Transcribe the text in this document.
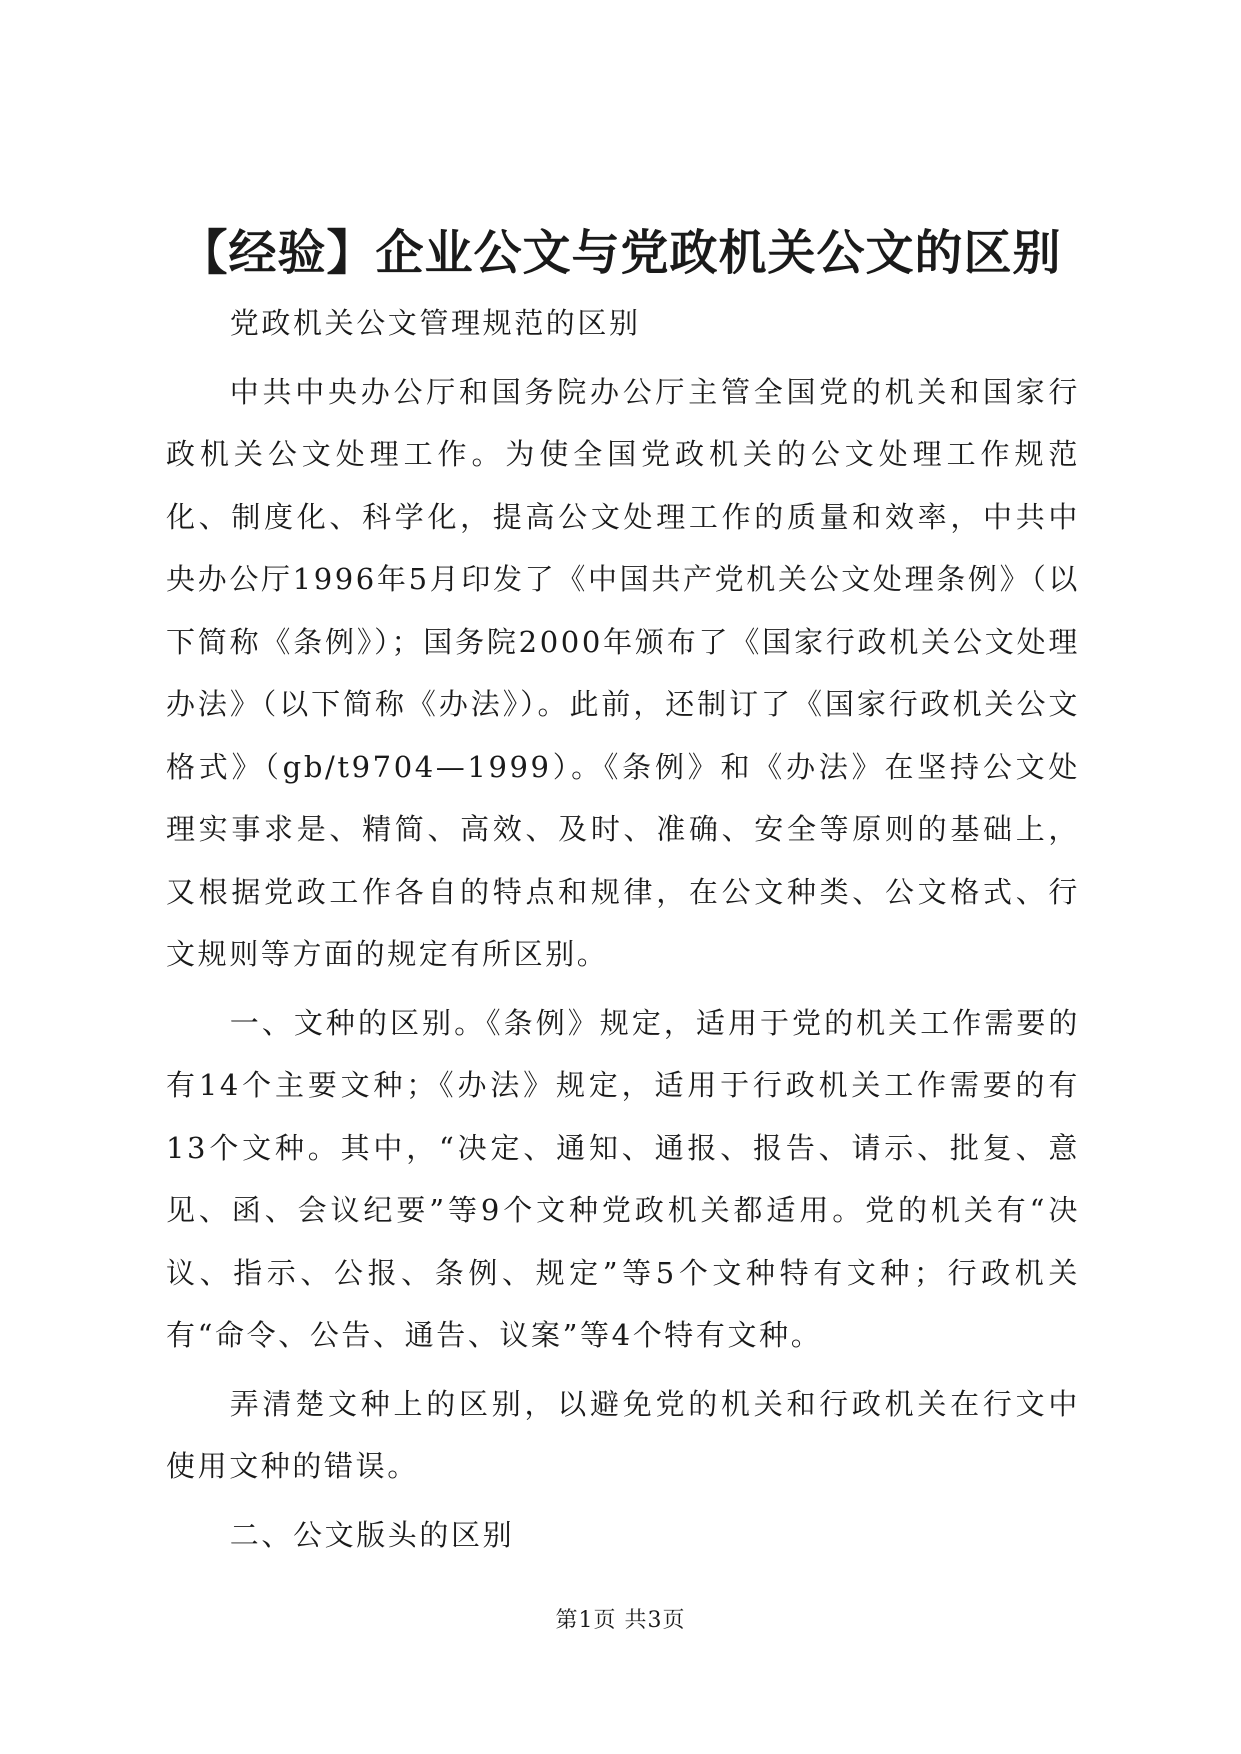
【经验】企业公文与党政机关公文的区别

党政机关公文管理规范的区别

中共中央办公厅和国务院办公厅主管全国党的机关和国家行政机关公文处理工作。为使全国党政机关的公文处理工作规范化、制度化、科学化，提高公文处理工作的质量和效率，中共中央办公厅1996年5月印发了《中国共产党机关公文处理条例》（以下简称《条例》）；国务院2000年颁布了《国家行政机关公文处理办法》（以下简称《办法》）。此前，还制订了《国家行政机关公文格式》（gb/t9704—1999）。《条例》和《办法》在坚持公文处理实事求是、精简、高效、及时、准确、安全等原则的基础上，又根据党政工作各自的特点和规律，在公文种类、公文格式、行文规则等方面的规定有所区别。

一、文种的区别。《条例》规定，适用于党的机关工作需要的有14个主要文种；《办法》规定，适用于行政机关工作需要的有13个文种。其中，“决定、通知、通报、报告、请示、批复、意见、函、会议纪要”等9个文种党政机关都适用。党的机关有“决议、指示、公报、条例、规定”等5个文种特有文种；行政机关有“命令、公告、通告、议案”等4个特有文种。

弄清楚文种上的区别，以避免党的机关和行政机关在行文中使用文种的错误。

二、公文版头的区别

第1页 共3页
